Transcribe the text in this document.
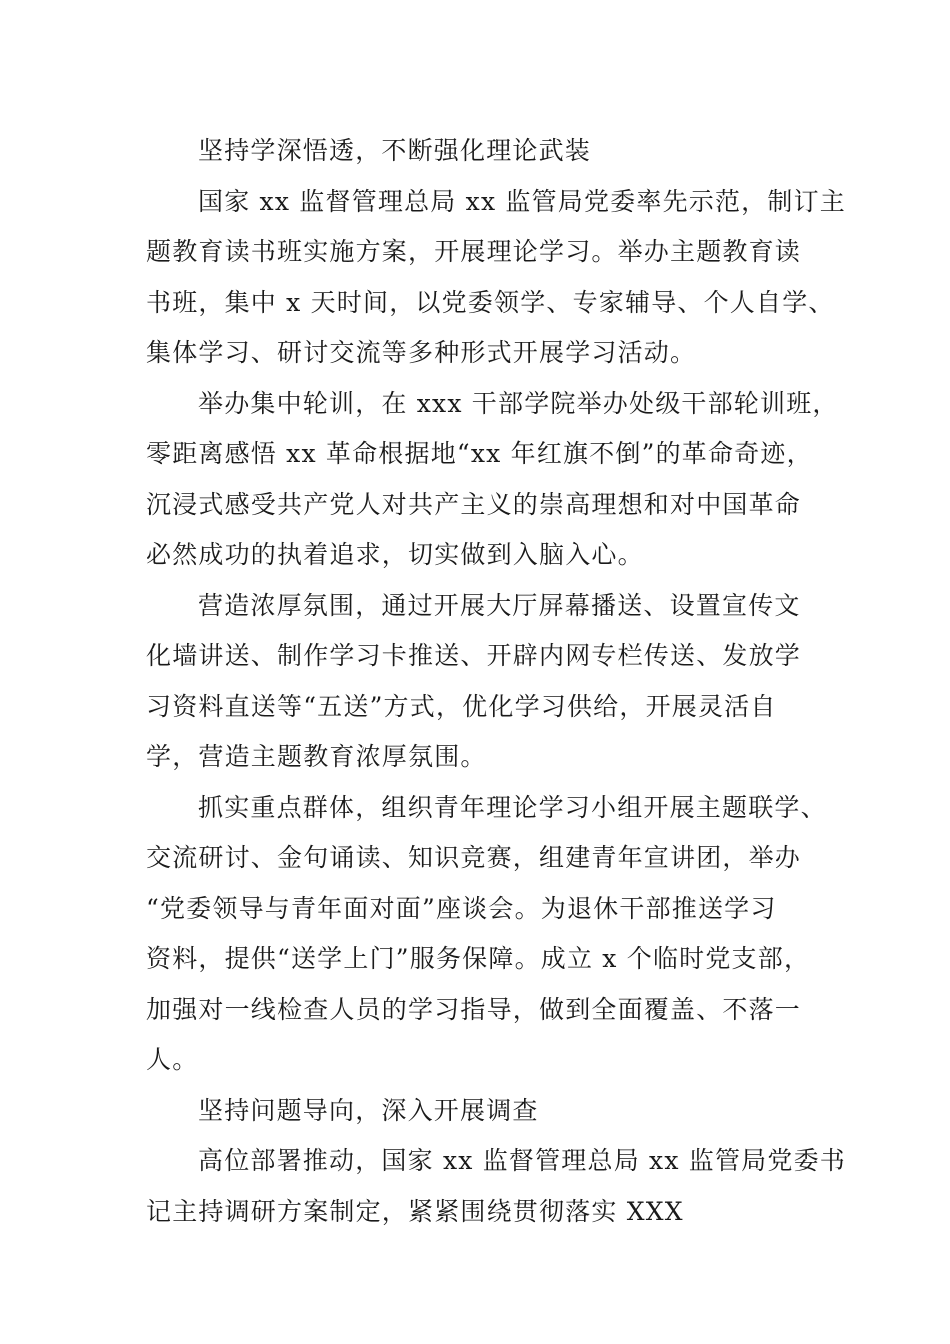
坚持学深悟透，不断强化理论武装
国家 xx 监督管理总局 xx 监管局党委率先示范，制订主
题教育读书班实施方案，开展理论学习。举办主题教育读
书班，集中 x 天时间，以党委领学、专家辅导、个人自学、
集体学习、研讨交流等多种形式开展学习活动。
举办集中轮训，在 xxx 干部学院举办处级干部轮训班，
零距离感悟 xx 革命根据地“xx 年红旗不倒”的革命奇迹，
沉浸式感受共产党人对共产主义的崇高理想和对中国革命
必然成功的执着追求，切实做到入脑入心。
营造浓厚氛围，通过开展大厅屏幕播送、设置宣传文
化墙讲送、制作学习卡推送、开辟内网专栏传送、发放学
习资料直送等“五送”方式，优化学习供给，开展灵活自
学，营造主题教育浓厚氛围。
抓实重点群体，组织青年理论学习小组开展主题联学、
交流研讨、金句诵读、知识竞赛，组建青年宣讲团，举办
“党委领导与青年面对面”座谈会。为退休干部推送学习
资料，提供“送学上门”服务保障。成立 x 个临时党支部，
加强对一线检查人员的学习指导，做到全面覆盖、不落一
人。
坚持问题导向，深入开展调查
高位部署推动，国家 xx 监督管理总局 xx 监管局党委书
记主持调研方案制定，紧紧围绕贯彻落实 XXX
